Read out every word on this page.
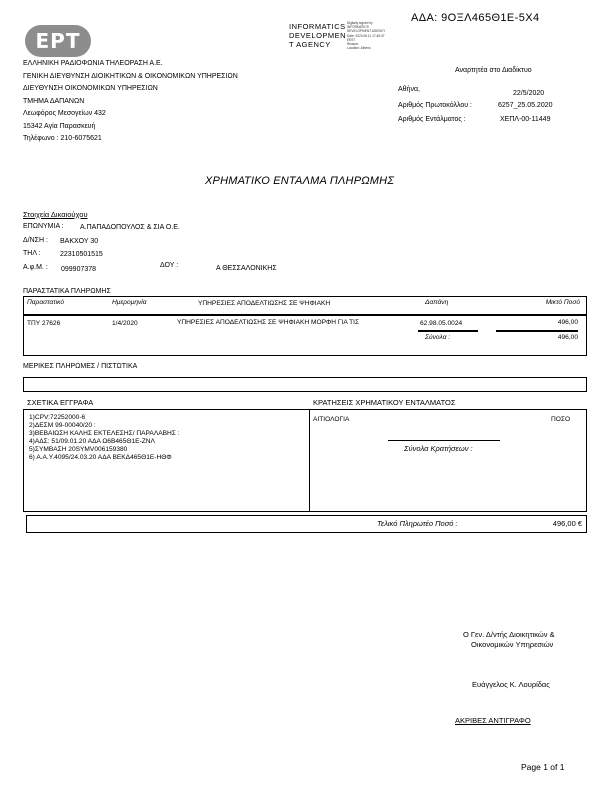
ΕΡΤ
INFORMATICS
DEVELOPMEN
T AGENCY
Digitally signed by
INFORMATICS
DEVELOPMENT AGENCY
Date: 2020.06.11 17:49:37
EEST
Reason:
Location: Athens
ΑΔΑ: 9ΟΞΛ465Θ1Ε-5Χ4
ΕΛΛΗΝΙΚΗ ΡΑΔΙΟΦΩΝΙΑ ΤΗΛΕΟΡΑΣΗ Α.Ε.
ΓΕΝΙΚΗ ΔΙΕΥΘΥΝΣΗ ΔΙΟΙΚΗΤΙΚΩΝ & ΟΙΚΟΝΟΜΙΚΩΝ ΥΠΗΡΕΣΙΩΝ
ΔΙΕΥΘΥΝΣΗ ΟΙΚΟΝΟΜΙΚΩΝ ΥΠΗΡΕΣΙΩΝ
ΤΜΗΜΑ ΔΑΠΑΝΩΝ
Λεωφόρος Μεσογείων 432
15342 Αγία Παρασκευή
Τηλέφωνο : 210-6075621
Αναρτητέα στο Διαδίκτυο
Αθήνα,
22/5/2020
Αριθμός Πρωτοκόλλου :	6257_25.05.2020
Αριθμός Εντάλματος :	ΧΕΠΛ-00-11449
ΧΡΗΜΑΤΙΚΟ ΕΝΤΑΛΜΑ ΠΛΗΡΩΜΗΣ
Στοιχεία Δικαιούχου
ΕΠΩΝΥΜΙΑ : Α.ΠΑΠΑΔΟΠΟΥΛΟΣ & ΣΙΑ Ο.Ε.
Δ/ΝΣΗ : ΒΑΚΧΟΥ 30
ΤΗΛ :	22310501515
Α.φ.Μ. : 099907378
ΔΟΥ :	Α ΘΕΣΣΑΛΟΝΙΚΗΣ
ΠΑΡΑΣΤΑΤΙΚΑ ΠΛΗΡΩΜΗΣ
Παραστατικό	Ημερομηνία	ΥΠΗΡΕΣΙΕΣ ΑΠΟΔΕΛΤΙΩΣΗΣ ΣΕ ΨΗΦΙΑΚΗ	Δαπάνη	Μικτό Ποσό
ΤΠΥ 27626	1/4/2020	ΥΠΗΡΕΣΙΕΣ ΑΠΟΔΕΛΤΙΩΣΗΣ ΣΕ ΨΗΦΙΑΚΗ ΜΟΡΦΗ ΓΙΑ ΤΙΣ	62.98.05.0024	496,00
Σύνολα :	496,00
ΜΕΡΙΚΕΣ ΠΛΗΡΩΜΕΣ / ΠΙΣΤΩΤΙΚΑ
ΣΧΕΤΙΚΑ ΕΓΓΡΑΦΑ	ΚΡΑΤΗΣΕΙΣ ΧΡΗΜΑΤΙΚΟΥ ΕΝΤΑΛΜΑΤΟΣ
1)CPV:72252000-6
2)ΔΕΣΜ 99-00040/20 :
3)ΒΕΒΑΙΩΣΗ ΚΑΛΗΣ ΕΚΤΕΛΕΣΗΣ/ ΠΑΡΑΛΑΒΗΣ :
4)ΑΔΣ: 51/09.01.20 ΑΔΑ Ω6Β465Θ1Ε-ΖΝΛ
5)ΣΥΜΒΑΣΗ 20SYMV006159380
6) Α.Α.Υ.4095/24.03.20 ΑΔΑ ΒΕΚΔ465Θ1Ε-ΗΘΦ
ΑΙΤΙΟΛΟΓΙΑ	ΠΟΣΟ
Σύνολα Κρατήσεων :
Τελικό Πληρωτέο Ποσό :	496,00 €
Ο Γεν. Δ/ντής Διοικητικών &
Οικονομικών Υπηρεσιών
Ευάγγελος Κ. Λουρίδας
ΑΚΡΙΒΕΣ ΑΝΤΙΓΡΑΦΟ
Page 1 of 1
